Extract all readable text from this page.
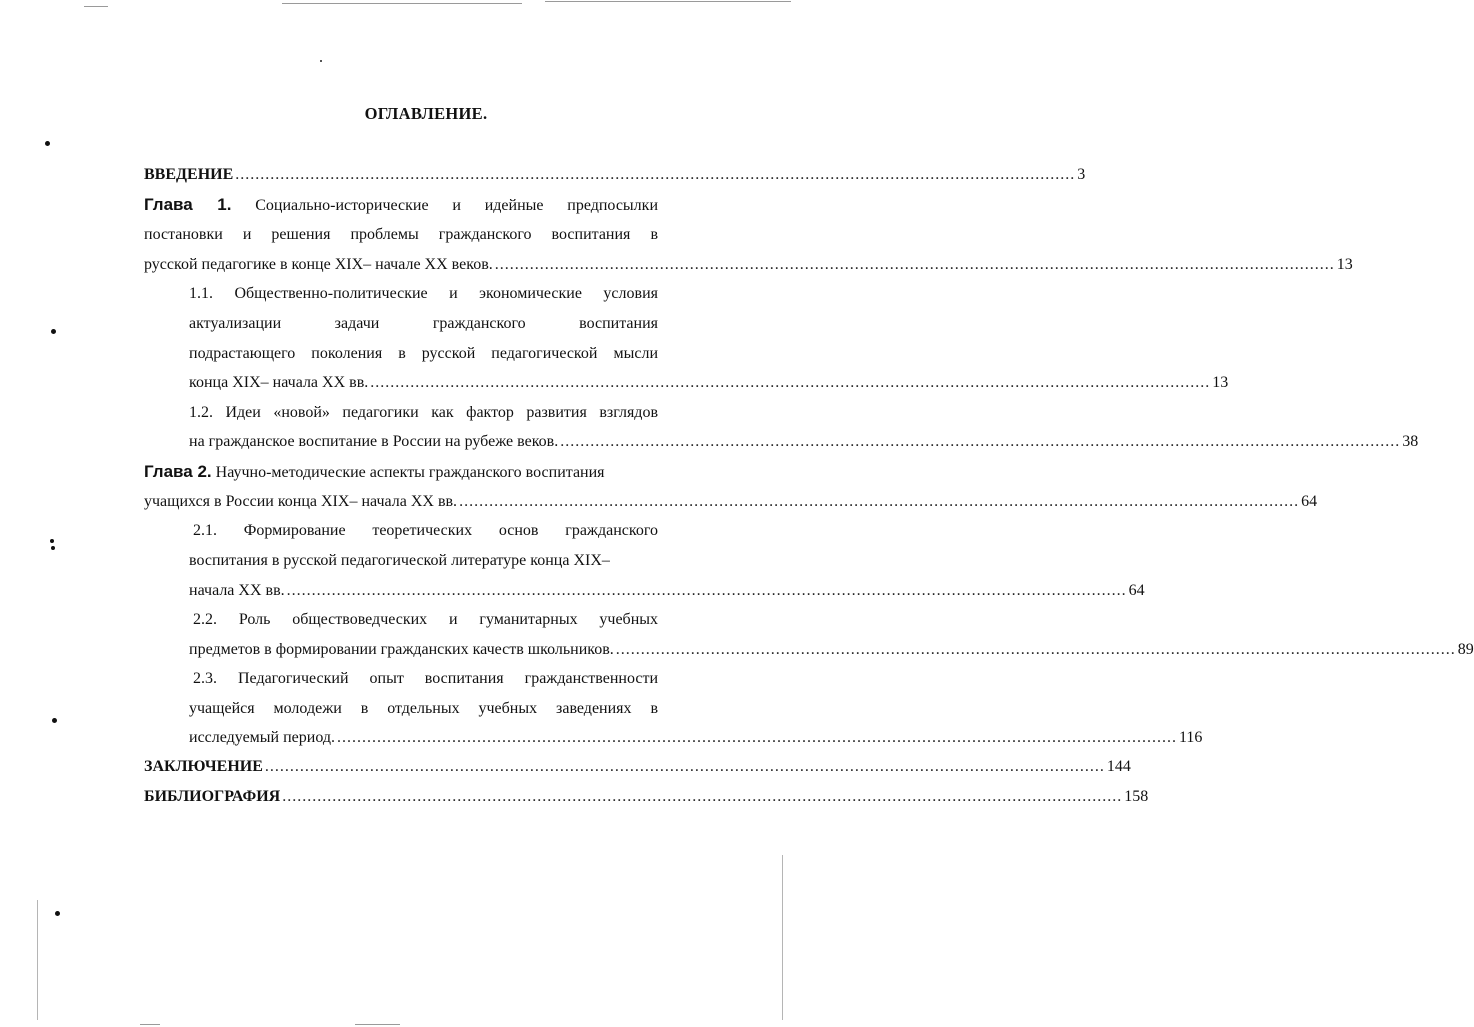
ОГЛАВЛЕНИЕ.
ВВЕДЕНИЕ ........................................................................................................................................................................ 3
Глава 1. Социально-исторические и идейные предпосылки
постановки и решения проблемы гражданского воспитания в
русской педагогике в конце XIX– начале XX веков. ........................................................................................................................................................................ 13
1.1. Общественно-политические и экономические условия
актуализации задачи гражданского воспитания
подрастающего поколения в русской педагогической мысли
конца XIX– начала XX вв. ........................................................................................................................................................................ 13
1.2. Идеи «новой» педагогики как фактор развития взглядов
на гражданское воспитание в России на рубеже веков. ........................................................................................................................................................................ 38
Глава 2. Научно-методические аспекты гражданского воспитания
учащихся в России конца XIX– начала XX вв. ........................................................................................................................................................................ 64
2.1. Формирование теоретических основ гражданского
воспитания в русской педагогической литературе конца XIX–
начала XX вв. ........................................................................................................................................................................ 64
2.2. Роль обществоведческих и гуманитарных учебных
предметов в формировании гражданских качеств школьников. ........................................................................................................................................................................ 89
2.3. Педагогический опыт воспитания гражданственности
учащейся молодежи в отдельных учебных заведениях в
исследуемый период. ........................................................................................................................................................................ 116
ЗАКЛЮЧЕНИЕ ........................................................................................................................................................................ 144
БИБЛИОГРАФИЯ ........................................................................................................................................................................ 158
